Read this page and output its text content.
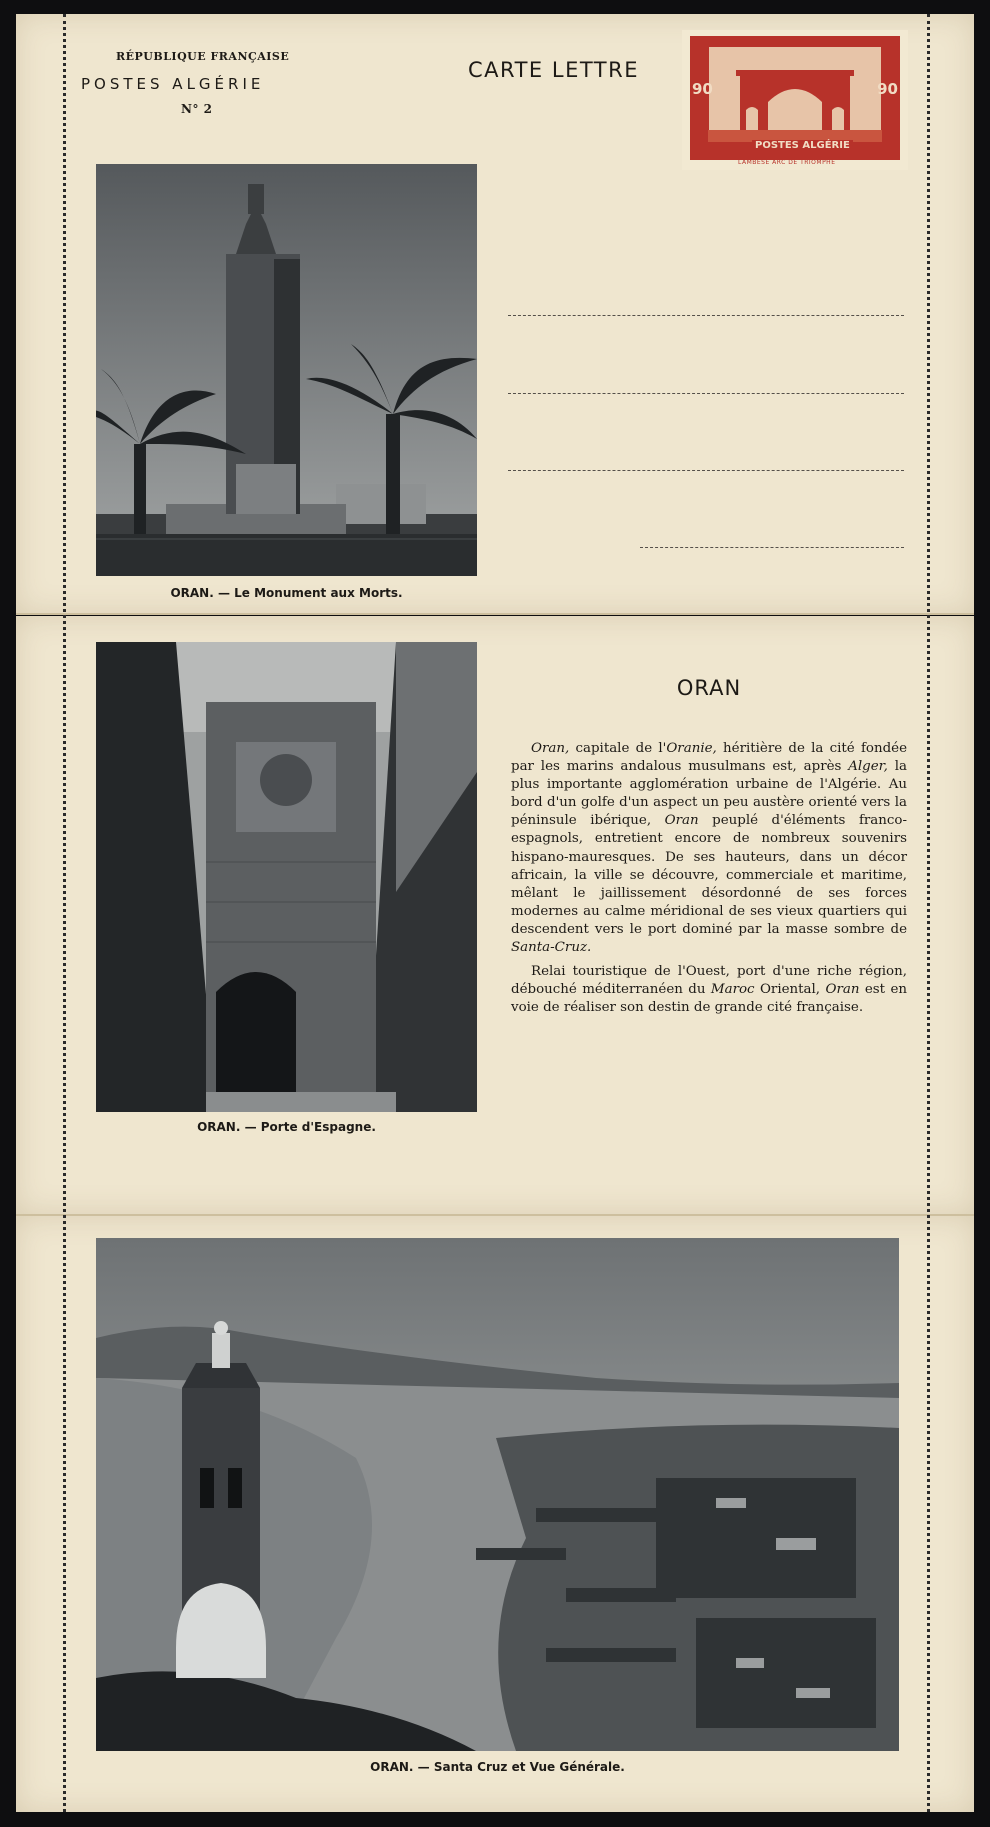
RÉPUBLIQUE FRANÇAISE
POSTES ALGÉRIE
N° 2
CARTE LETTRE
90	90
POSTES ALGÉRIE
LAMBESE ARC DE TRIOMPHE
ORAN. — Le Monument aux Morts.
ORAN. — Porte d'Espagne.
ORAN

Oran, capitale de l'Oranie, héritière de la cité fondée par les marins andalous musulmans est, après Alger, la plus importante agglomération urbaine de l'Algérie. Au bord d'un golfe d'un aspect un peu austère orienté vers la péninsule ibérique, Oran peuplé d'éléments franco-espagnols, entretient encore de nombreux souvenirs hispano-mauresques. De ses hauteurs, dans un décor africain, la ville se découvre, commerciale et maritime, mêlant le jaillissement désordonné de ses forces modernes au calme méridional de ses vieux quartiers qui descendent vers le port dominé par la masse sombre de Santa-Cruz.

Relai touristique de l'Ouest, port d'une riche région, débouché méditerranéen du Maroc Oriental, Oran est en voie de réaliser son destin de grande cité française.

ORAN. — Santa Cruz et Vue Générale.
